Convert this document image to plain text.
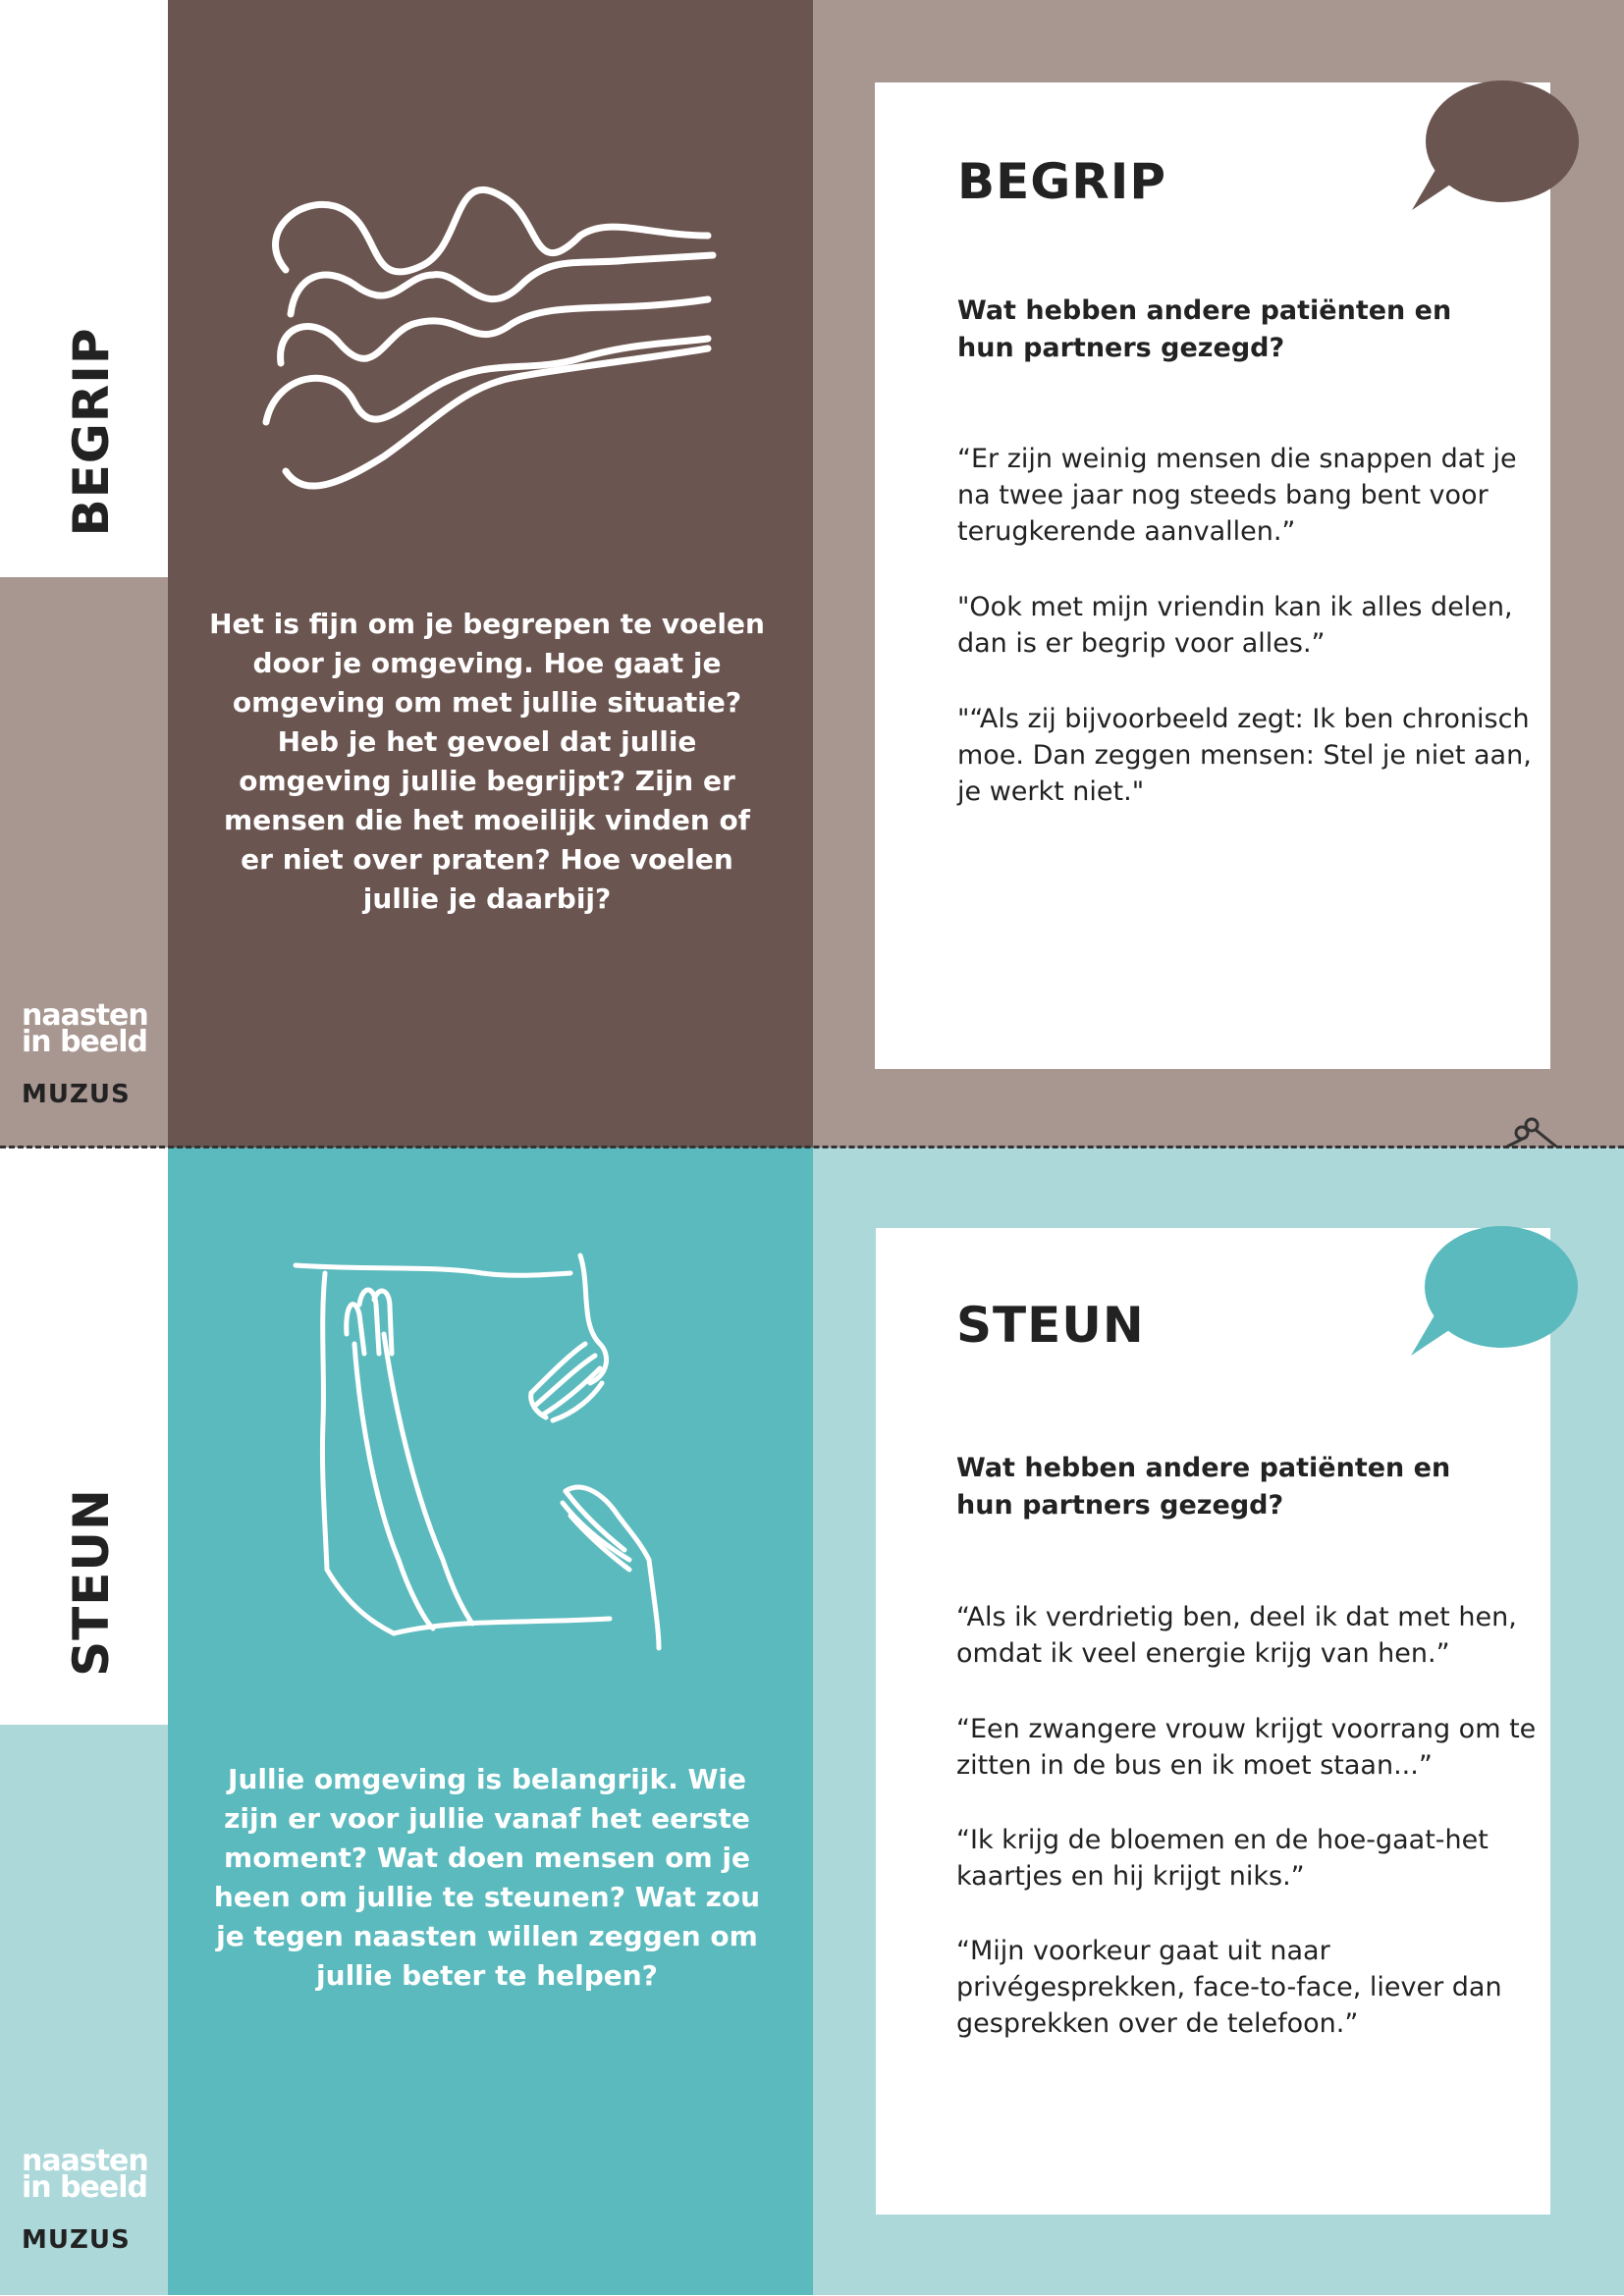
BEGRIP
naasten
in beeld
MUZUS
Het is fijn om je begrepen te voelen door je omgeving. Hoe gaat je omgeving om met jullie situatie? Heb je het gevoel dat jullie omgeving jullie begrijpt? Zijn er mensen die het moeilijk vinden of er niet over praten? Hoe voelen jullie je daarbij?
BEGRIP
Wat hebben andere patiënten en hun partners gezegd?
“Er zijn weinig mensen die snappen dat je na twee jaar nog steeds bang bent voor terugkerende aanvallen.”
"Ook met mijn vriendin kan ik alles delen, dan is er begrip voor alles.”
"“Als zij bijvoorbeeld zegt: Ik ben chronisch moe. Dan zeggen mensen: Stel je niet aan, je werkt niet."
STEUN
naasten
in beeld
MUZUS
Jullie omgeving is belangrijk. Wie zijn er voor jullie vanaf het eerste moment? Wat doen mensen om je heen om jullie te steunen? Wat zou je tegen naasten willen zeggen om jullie beter te helpen?
STEUN
Wat hebben andere patiënten en hun partners gezegd?
“Als ik verdrietig ben, deel ik dat met hen, omdat ik veel energie krijg van hen.”
“Een zwangere vrouw krijgt voorrang om te zitten in de bus en ik moet staan...”
“Ik krijg de bloemen en de hoe-gaat-het kaartjes en hij krijgt niks.”
“Mijn voorkeur gaat uit naar privégesprekken, face-to-face, liever dan gesprekken over de telefoon.”
